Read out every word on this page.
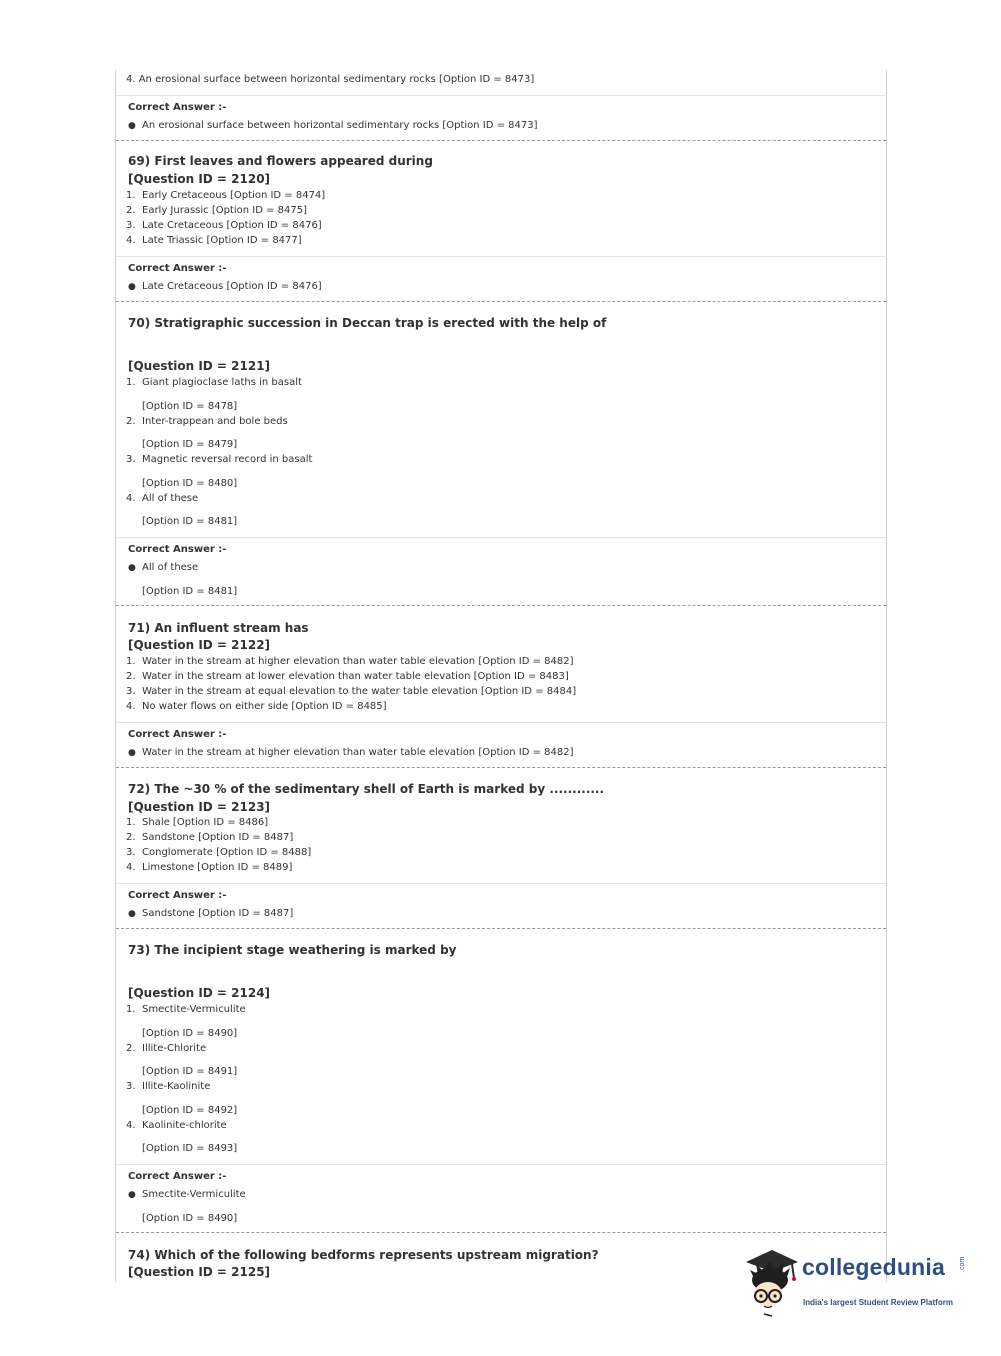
4. An erosional surface between horizontal sedimentary rocks [Option ID = 8473]
Correct Answer :-
● An erosional surface between horizontal sedimentary rocks [Option ID = 8473]
69) First leaves and flowers appeared during
[Question ID = 2120]
1. Early Cretaceous [Option ID = 8474]
2. Early Jurassic [Option ID = 8475]
3. Late Cretaceous [Option ID = 8476]
4. Late Triassic [Option ID = 8477]
Correct Answer :-
● Late Cretaceous [Option ID = 8476]
70) Stratigraphic succession in Deccan trap is erected with the help of
[Question ID = 2121]
1. Giant plagioclase laths in basalt
[Option ID = 8478]
2. Inter-trappean and bole beds
[Option ID = 8479]
3. Magnetic reversal record in basalt
[Option ID = 8480]
4. All of these
[Option ID = 8481]
Correct Answer :-
● All of these
[Option ID = 8481]
71) An influent stream has
[Question ID = 2122]
1. Water in the stream at higher elevation than water table elevation [Option ID = 8482]
2. Water in the stream at lower elevation than water table elevation [Option ID = 8483]
3. Water in the stream at equal elevation to the water table elevation [Option ID = 8484]
4. No water flows on either side [Option ID = 8485]
Correct Answer :-
● Water in the stream at higher elevation than water table elevation [Option ID = 8482]
72) The ~30 % of the sedimentary shell of Earth is marked by ............
[Question ID = 2123]
1. Shale [Option ID = 8486]
2. Sandstone [Option ID = 8487]
3. Conglomerate [Option ID = 8488]
4. Limestone [Option ID = 8489]
Correct Answer :-
● Sandstone [Option ID = 8487]
73) The incipient stage weathering is marked by
[Question ID = 2124]
1. Smectite-Vermiculite
[Option ID = 8490]
2. Illite-Chlorite
[Option ID = 8491]
3. Illite-Kaolinite
[Option ID = 8492]
4. Kaolinite-chlorite
[Option ID = 8493]
Correct Answer :-
● Smectite-Vermiculite
[Option ID = 8490]
74) Which of the following bedforms represents upstream migration?
[Question ID = 2125]	collegedunia .com
India's largest Student Review Platform
